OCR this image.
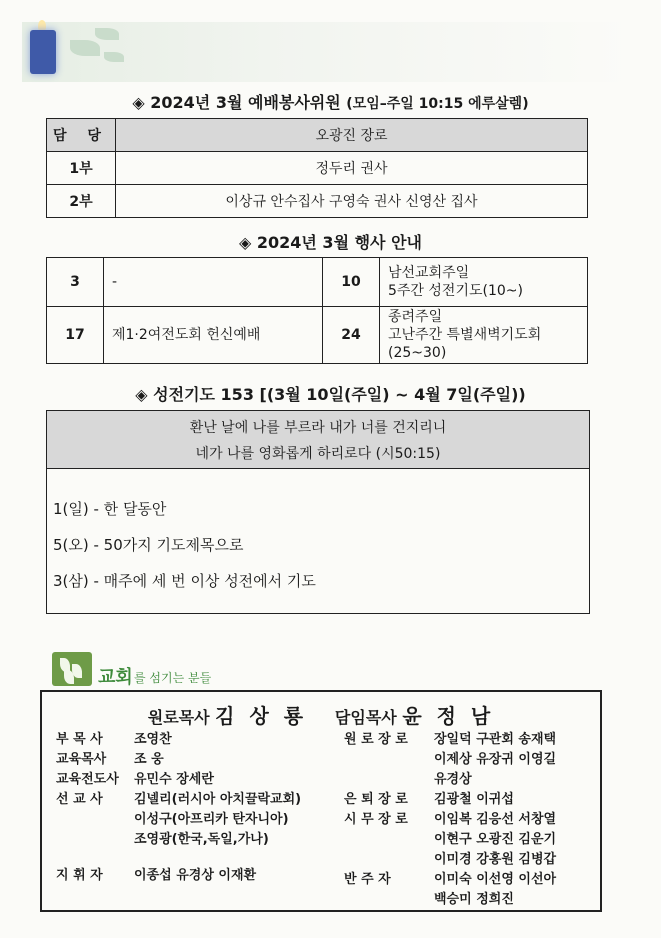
◈ 2024년 3월 예배봉사위원 (모임–주일 10:15 에루살렘)
담 당	오광진 장로
1부	정두리 권사
2부	이상규 안수집사 구영숙 권사 신영산 집사
◈ 2024년 3월 행사 안내
3	-	10	남선교회주일
5주간 성전기도(10~)

17	제1·2여전도회 헌신예배	24	종려주일
고난주간 특별새벽기도회
(25~30)
◈ 성전기도 153 [(3월 10일(주일) ~ 4월 7일(주일))
환난 날에 나를 부르라 내가 너를 건지리니
네가 나를 영화롭게 하리로다 (시50:15)
1(일) - 한 달동안
5(오) - 50가지 기도제목으로
3(삼) - 매주에 세 번 이상 성전에서 기도
교회 를 섬기는 분들
원로목사 김 상 룡 담임목사 윤 정 남
부 목 사 조영찬
교육목사 조 웅
교육전도사 유민수 장세란
선 교 사 김넬리(러시아 아치끌락교회)
이성구(아프리카 탄자니아)
조영광(한국,독일,가나)
지 휘 자 이종섭 유경상 이재환
원 로 장 로 장일덕 구관회 송재택
이제상 유장귀 이영길
유경상
은 퇴 장 로 김광철 이귀섭
시 무 장 로 이임복 김응선 서창열
이현구 오광진 김운기
이미경 강홍원 김병갑
반 주 자	이미숙 이선영 이선아
백승미 정희진
